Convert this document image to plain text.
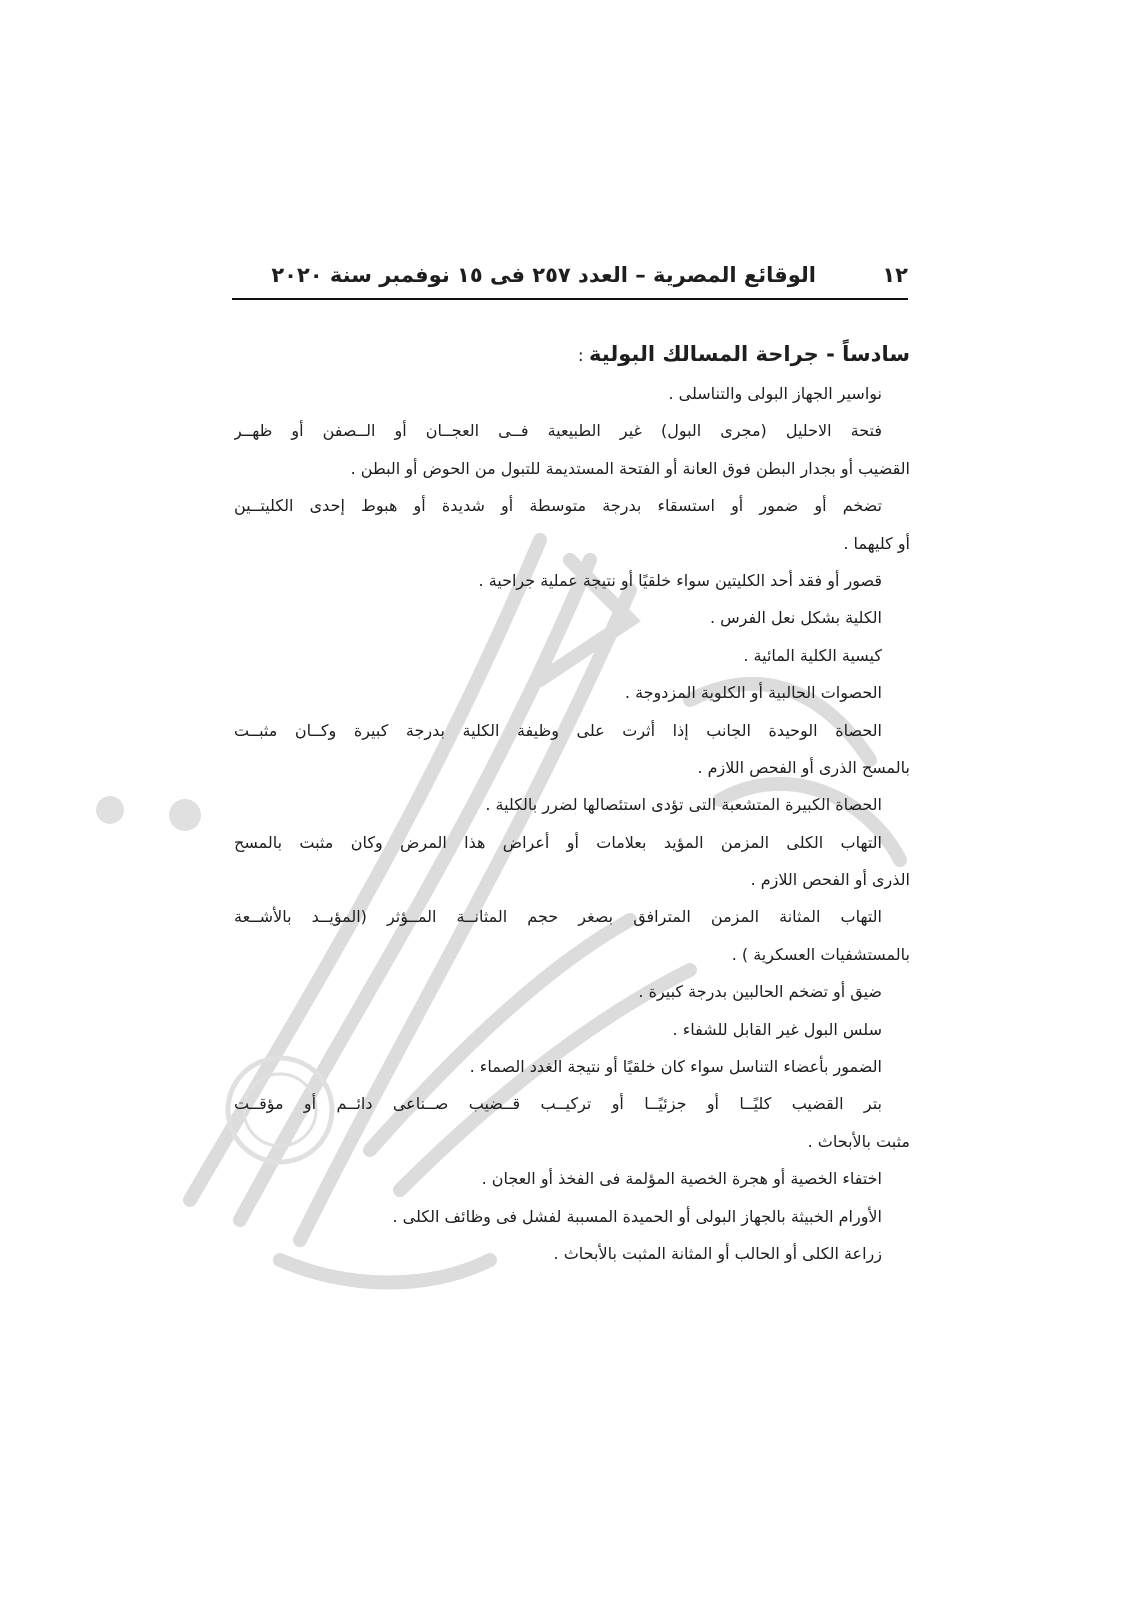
١٢
الوقائع المصرية – العدد ٢٥٧ فى ١٥ نوفمبر سنة ٢٠٢٠
سادساً - جراحة المسالك البولية :
نواسير الجهاز البولى والتناسلى .
فتحة الاحليل (مجرى البول) غير الطبيعية فــى العجــان أو الــصفن أو ظهــر
القضيب أو بجدار البطن فوق العانة أو الفتحة المستديمة للتبول من الحوض أو البطن .
تضخم أو ضمور أو استسقاء بدرجة متوسطة أو شديدة أو هبوط إحدى الكليتــين
أو كليهما .
قصور أو فقد أحد الكليتين سواء خلقيًا أو نتيجة عملية جراحية .
الكلية بشكل نعل الفرس .
كيسية الكلية المائية .
الحصوات الحالبية أو الكلوية المزدوجة .
الحصاة الوحيدة الجانب إذا أثرت على وظيفة الكلية بدرجة كبيرة وكــان مثبــت
بالمسح الذرى أو الفحص اللازم .
الحصاة الكبيرة المتشعبة التى تؤدى استئصالها لضرر بالكلية .
التهاب الكلى المزمن المؤيد بعلامات أو أعراض هذا المرض وكان مثبت بالمسح
الذرى أو الفحص اللازم .
التهاب المثانة المزمن المترافق بصغر حجم المثانــة المــؤثر (المؤيــد بالأشــعة
بالمستشفيات العسكرية ) .
ضيق أو تضخم الحالبين بدرجة كبيرة .
سلس البول غير القابل للشفاء .
الضمور بأعضاء التناسل سواء كان خلقيًا أو نتيجة الغدد الصماء .
بتر القضيب كليًــا أو جزئيًــا أو تركيــب قــضيب صــناعى دائــم أو مؤقــت
مثبت بالأبحاث .
اختفاء الخصية أو هجرة الخصية المؤلمة فى الفخذ أو العجان .
الأورام الخبيثة بالجهاز البولى أو الحميدة المسببة لفشل فى وظائف الكلى .
زراعة الكلى أو الحالب أو المثانة المثبت بالأبحاث .
